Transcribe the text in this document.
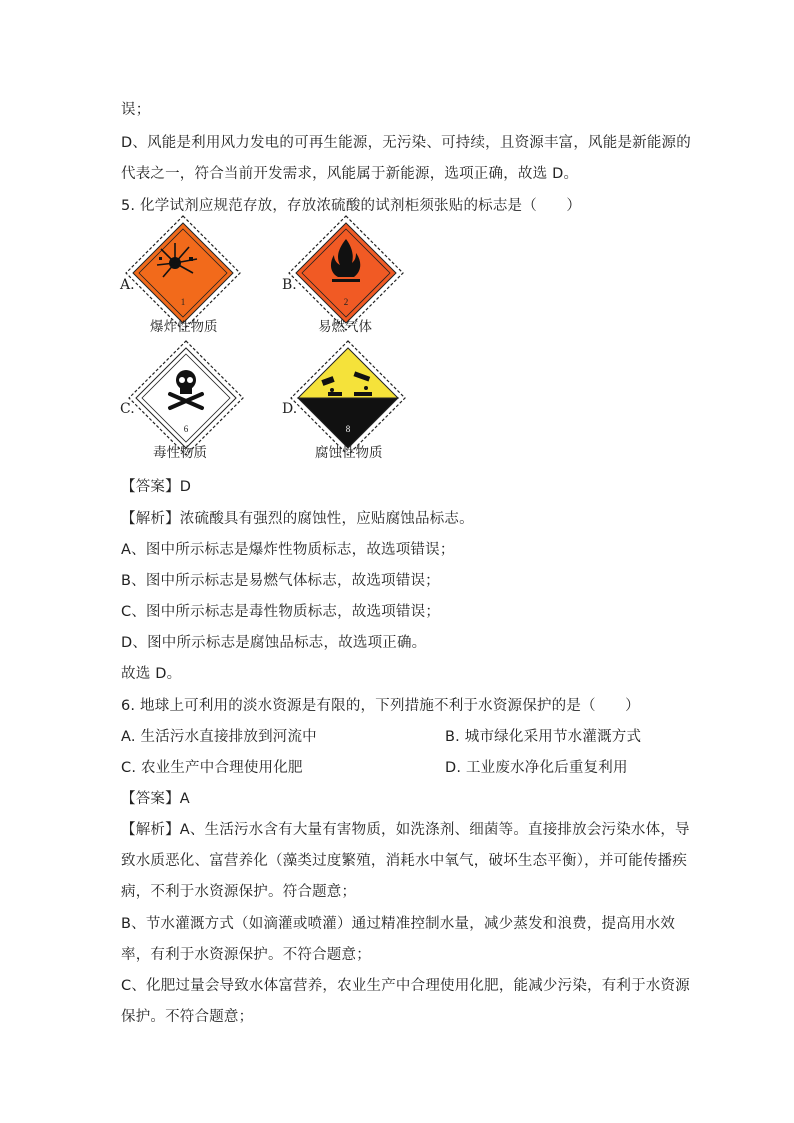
误；
D、风能是利用风力发电的可再生能源，无污染、可持续，且资源丰富，风能是新能源的
代表之一，符合当前开发需求，风能属于新能源，选项正确，故选 D。
5. 化学试剂应规范存放，存放浓硫酸的试剂柜须张贴的标志是（　　）
A.
1
爆炸性物质
B.
2
易燃气体
C.
6
毒性物质
D.
8
腐蚀性物质
【答案】D
【解析】浓硫酸具有强烈的腐蚀性，应贴腐蚀品标志。
A、图中所示标志是爆炸性物质标志，故选项错误；
B、图中所示标志是易燃气体标志，故选项错误；
C、图中所示标志是毒性物质标志，故选项错误；
D、图中所示标志是腐蚀品标志，故选项正确。
故选 D。
6. 地球上可利用的淡水资源是有限的，下列措施不利于水资源保护的是（　　）
A. 生活污水直接排放到河流中	B. 城市绿化采用节水灌溉方式
C. 农业生产中合理使用化肥	D. 工业废水净化后重复利用
【答案】A
【解析】A、生活污水含有大量有害物质，如洗涤剂、细菌等。直接排放会污染水体，导
致水质恶化、富营养化（藻类过度繁殖，消耗水中氧气，破坏生态平衡），并可能传播疾
病，不利于水资源保护。符合题意；
B、节水灌溉方式（如滴灌或喷灌）通过精准控制水量，减少蒸发和浪费，提高用水效
率，有利于水资源保护。不符合题意；
C、化肥过量会导致水体富营养，农业生产中合理使用化肥，能减少污染，有利于水资源
保护。不符合题意；
